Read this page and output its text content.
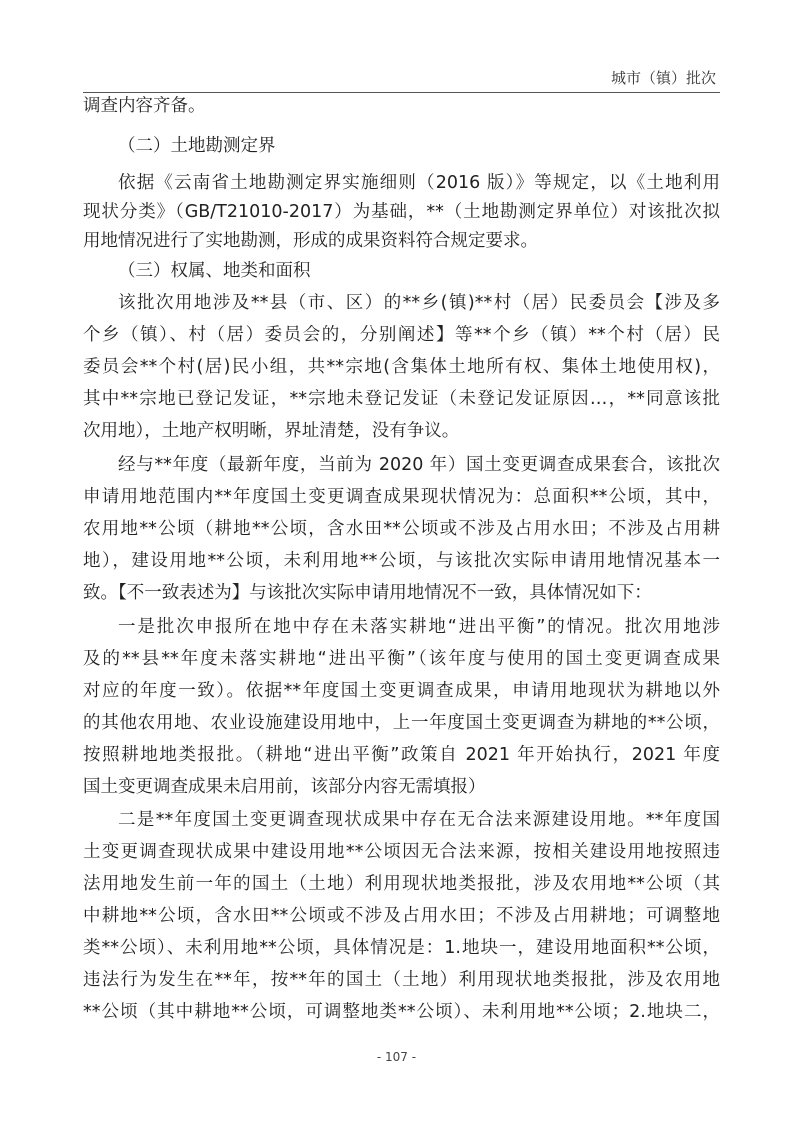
城市（镇）批次
调查内容齐备。
（二）土地勘测定界
依据《云南省土地勘测定界实施细则（2016 版）》等规定，以《土地利用
现状分类》（GB/T21010-2017）为基础，**（土地勘测定界单位）对该批次拟
用地情况进行了实地勘测，形成的成果资料符合规定要求。
（三）权属、地类和面积
该批次用地涉及**县（市、区）的**乡(镇)**村（居）民委员会【涉及多
个乡（镇）、村（居）委员会的，分别阐述】等**个乡（镇）**个村（居）民
委员会**个村(居)民小组，共**宗地(含集体土地所有权、集体土地使用权)，
其中**宗地已登记发证，**宗地未登记发证（未登记发证原因…，**同意该批
次用地），土地产权明晰，界址清楚，没有争议。
经与**年度（最新年度，当前为 2020 年）国土变更调查成果套合，该批次
申请用地范围内**年度国土变更调查成果现状情况为：总面积**公顷，其中，
农用地**公顷（耕地**公顷，含水田**公顷或不涉及占用水田；不涉及占用耕
地），建设用地**公顷，未利用地**公顷，与该批次实际申请用地情况基本一
致。【不一致表述为】与该批次实际申请用地情况不一致，具体情况如下：
一是批次申报所在地中存在未落实耕地“进出平衡”的情况。批次用地涉
及的**县**年度未落实耕地“进出平衡”（该年度与使用的国土变更调查成果
对应的年度一致）。依据**年度国土变更调查成果，申请用地现状为耕地以外
的其他农用地、农业设施建设用地中，上一年度国土变更调查为耕地的**公顷，
按照耕地地类报批。（耕地“进出平衡”政策自 2021 年开始执行，2021 年度
国土变更调查成果未启用前，该部分内容无需填报）
二是**年度国土变更调查现状成果中存在无合法来源建设用地。**年度国
土变更调查现状成果中建设用地**公顷因无合法来源，按相关建设用地按照违
法用地发生前一年的国土（土地）利用现状地类报批，涉及农用地**公顷（其
中耕地**公顷，含水田**公顷或不涉及占用水田；不涉及占用耕地；可调整地
类**公顷）、未利用地**公顷，具体情况是：1.地块一，建设用地面积**公顷，
违法行为发生在**年，按**年的国土（土地）利用现状地类报批，涉及农用地
**公顷（其中耕地**公顷，可调整地类**公顷）、未利用地**公顷；2.地块二，
- 107 -
